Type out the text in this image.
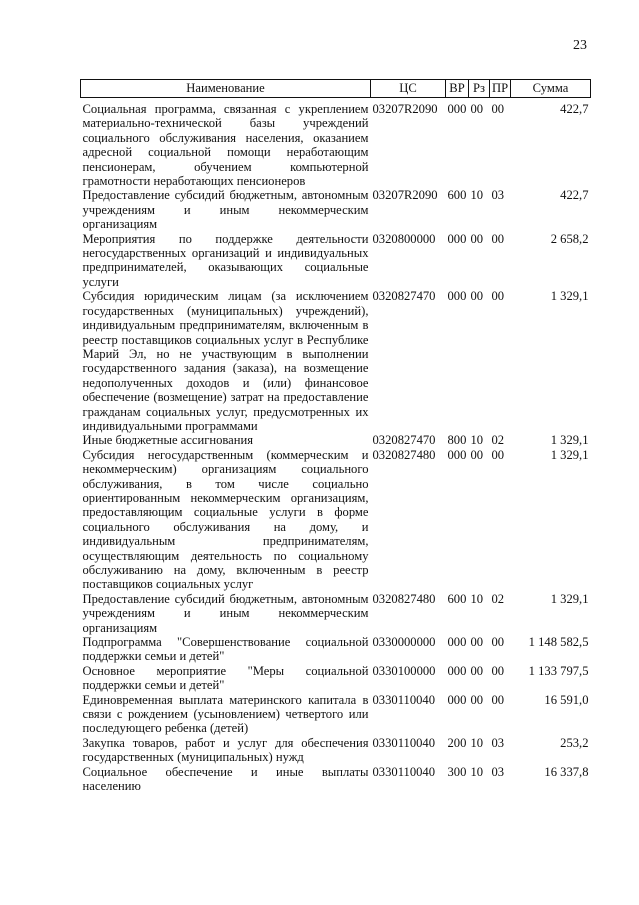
23
Наименование	ЦС	ВР	Рз	ПР	Сумма
Социальная программа, связанная с укреплением материально-технической базы учреждений социального обслуживания населения, оказанием адресной социальной помощи неработающим пенсионерам, обучением компьютерной грамотности неработающих пенсионеров	03207R2090	000	00	00	422,7
Предоставление субсидий бюджетным, автономным учреждениям и иным некоммерческим организациям	03207R2090	600	10	03	422,7
Мероприятия по поддержке деятельности негосударственных организаций и индивидуальных предпринимателей, оказывающих социальные услуги	0320800000	000	00	00	2 658,2
Субсидия юридическим лицам (за исключением государственных (муниципальных) учреждений), индивидуальным предпринимателям, включенным в реестр поставщиков социальных услуг в Республике Марий Эл, но не участвующим в выполнении государственного задания (заказа), на возмещение недополученных доходов и (или) финансовое обеспечение (возмещение) затрат на предоставление гражданам социальных услуг, предусмотренных их индивидуальными программами	0320827470	000	00	00	1 329,1
Иные бюджетные ассигнования	0320827470	800	10	02	1 329,1
Субсидия негосударственным (коммерческим и некоммерческим) организациям социального обслуживания, в том числе социально ориентированным некоммерческим организациям, предоставляющим социальные услуги в форме социального обслуживания на дому, и индивидуальным предпринимателям, осуществляющим деятельность по социальному обслуживанию на дому, включенным в реестр поставщиков социальных услуг	0320827480	000	00	00	1 329,1
Предоставление субсидий бюджетным, автономным учреждениям и иным некоммерческим организациям	0320827480	600	10	02	1 329,1
Подпрограмма "Совершенствование социальной поддержки семьи и детей"	0330000000	000	00	00	1 148 582,5
Основное мероприятие "Меры социальной поддержки семьи и детей"	0330100000	000	00	00	1 133 797,5
Единовременная выплата материнского капитала в связи с рождением (усыновлением) четвертого или последующего ребенка (детей)	0330110040	000	00	00	16 591,0
Закупка товаров, работ и услуг для обеспечения государственных (муниципальных) нужд	0330110040	200	10	03	253,2
Социальное обеспечение и иные выплаты населению	0330110040	300	10	03	16 337,8
